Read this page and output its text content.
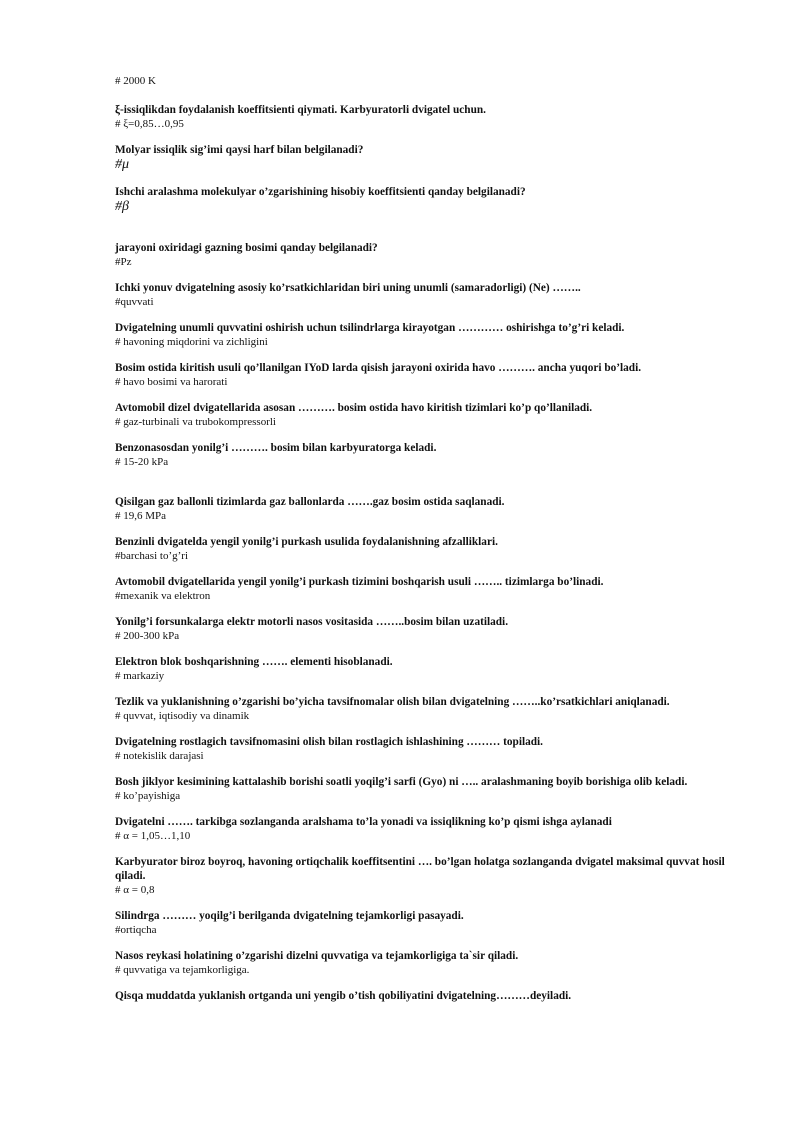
# 2000 K
ξ-issiqlikdan foydalanish koeffitsienti qiymati. Karbyuratorli dvigatel uchun.
# ξ=0,85…0,95
Molyar issiqlik sig’imi qaysi harf bilan belgilanadi?
#μ
Ishchi aralashma molekulyar o’zgarishining hisobiy koeffitsienti qanday belgilanadi?
#β
jarayoni oxiridagi gazning bosimi qanday belgilanadi?
#Pz
Ichki yonuv dvigatelning asosiy ko’rsatkichlaridan biri uning unumli (samaradorligi) (Ne) ……..
#quvvati
Dvigatelning unumli quvvatini oshirish uchun tsilindrlarga kirayotgan ………… oshirishga to’g’ri keladi.
# havoning miqdorini va zichligini
Bosim ostida kiritish usuli qo’llanilgan IYoD larda qisish jarayoni oxirida havo ………. ancha yuqori bo’ladi.
# havo bosimi va harorati
Avtomobil dizel dvigatellarida asosan ………. bosim ostida havo kiritish tizimlari ko’p qo’llaniladi.
# gaz-turbinali va trubokompressorli
Benzonasosdan yonilg’i ………. bosim bilan karbyuratorga keladi.
# 15-20 kPa
Qisilgan gaz ballonli tizimlarda gaz ballonlarda …….gaz bosim ostida saqlanadi.
# 19,6 MPa
Benzinli dvigatelda yengil yonilg’i purkash usulida foydalanishning afzalliklari.
#barchasi to’g’ri
Avtomobil dvigatellarida yengil yonilg’i purkash tizimini boshqarish usuli …….. tizimlarga bo’linadi.
#mexanik va elektron
Yonilg’i forsunkalarga elektr motorli nasos vositasida ……..bosim bilan uzatiladi.
# 200-300 kPa
Elektron blok boshqarishning ……. elementi hisoblanadi.
# markaziy
Tezlik va yuklanishning o’zgarishi bo’yicha tavsifnomalar olish bilan dvigatelning ……..ko’rsatkichlari aniqlanadi.
# quvvat, iqtisodiy va dinamik
Dvigatelning rostlagich tavsifnomasini olish bilan rostlagich ishlashining ……… topiladi.
# notekislik darajasi
Bosh jiklyor kesimining kattalashib borishi soatli yoqilg’i sarfi (Gyo) ni ….. aralashmaning boyib borishiga olib keladi.
# ko’payishiga
Dvigatelni ……. tarkibga sozlanganda aralshama to’la yonadi va issiqlikning ko’p qismi ishga aylanadi
# α = 1,05…1,10
Karbyurator biroz boyroq, havoning ortiqchalik koeffitsentini …. bo’lgan holatga sozlanganda dvigatel maksimal quvvat hosil qiladi.
# α = 0,8
Silindrga ……… yoqilg’i berilganda dvigatelning tejamkorligi pasayadi.
#ortiqcha
Nasos reykasi holatining o’zgarishi dizelni quvvatiga va tejamkorligiga ta`sir qiladi.
# quvvatiga va tejamkorligiga.
Qisqa muddatda yuklanish ortganda uni yengib o’tish qobiliyatini dvigatelning………deyiladi.
